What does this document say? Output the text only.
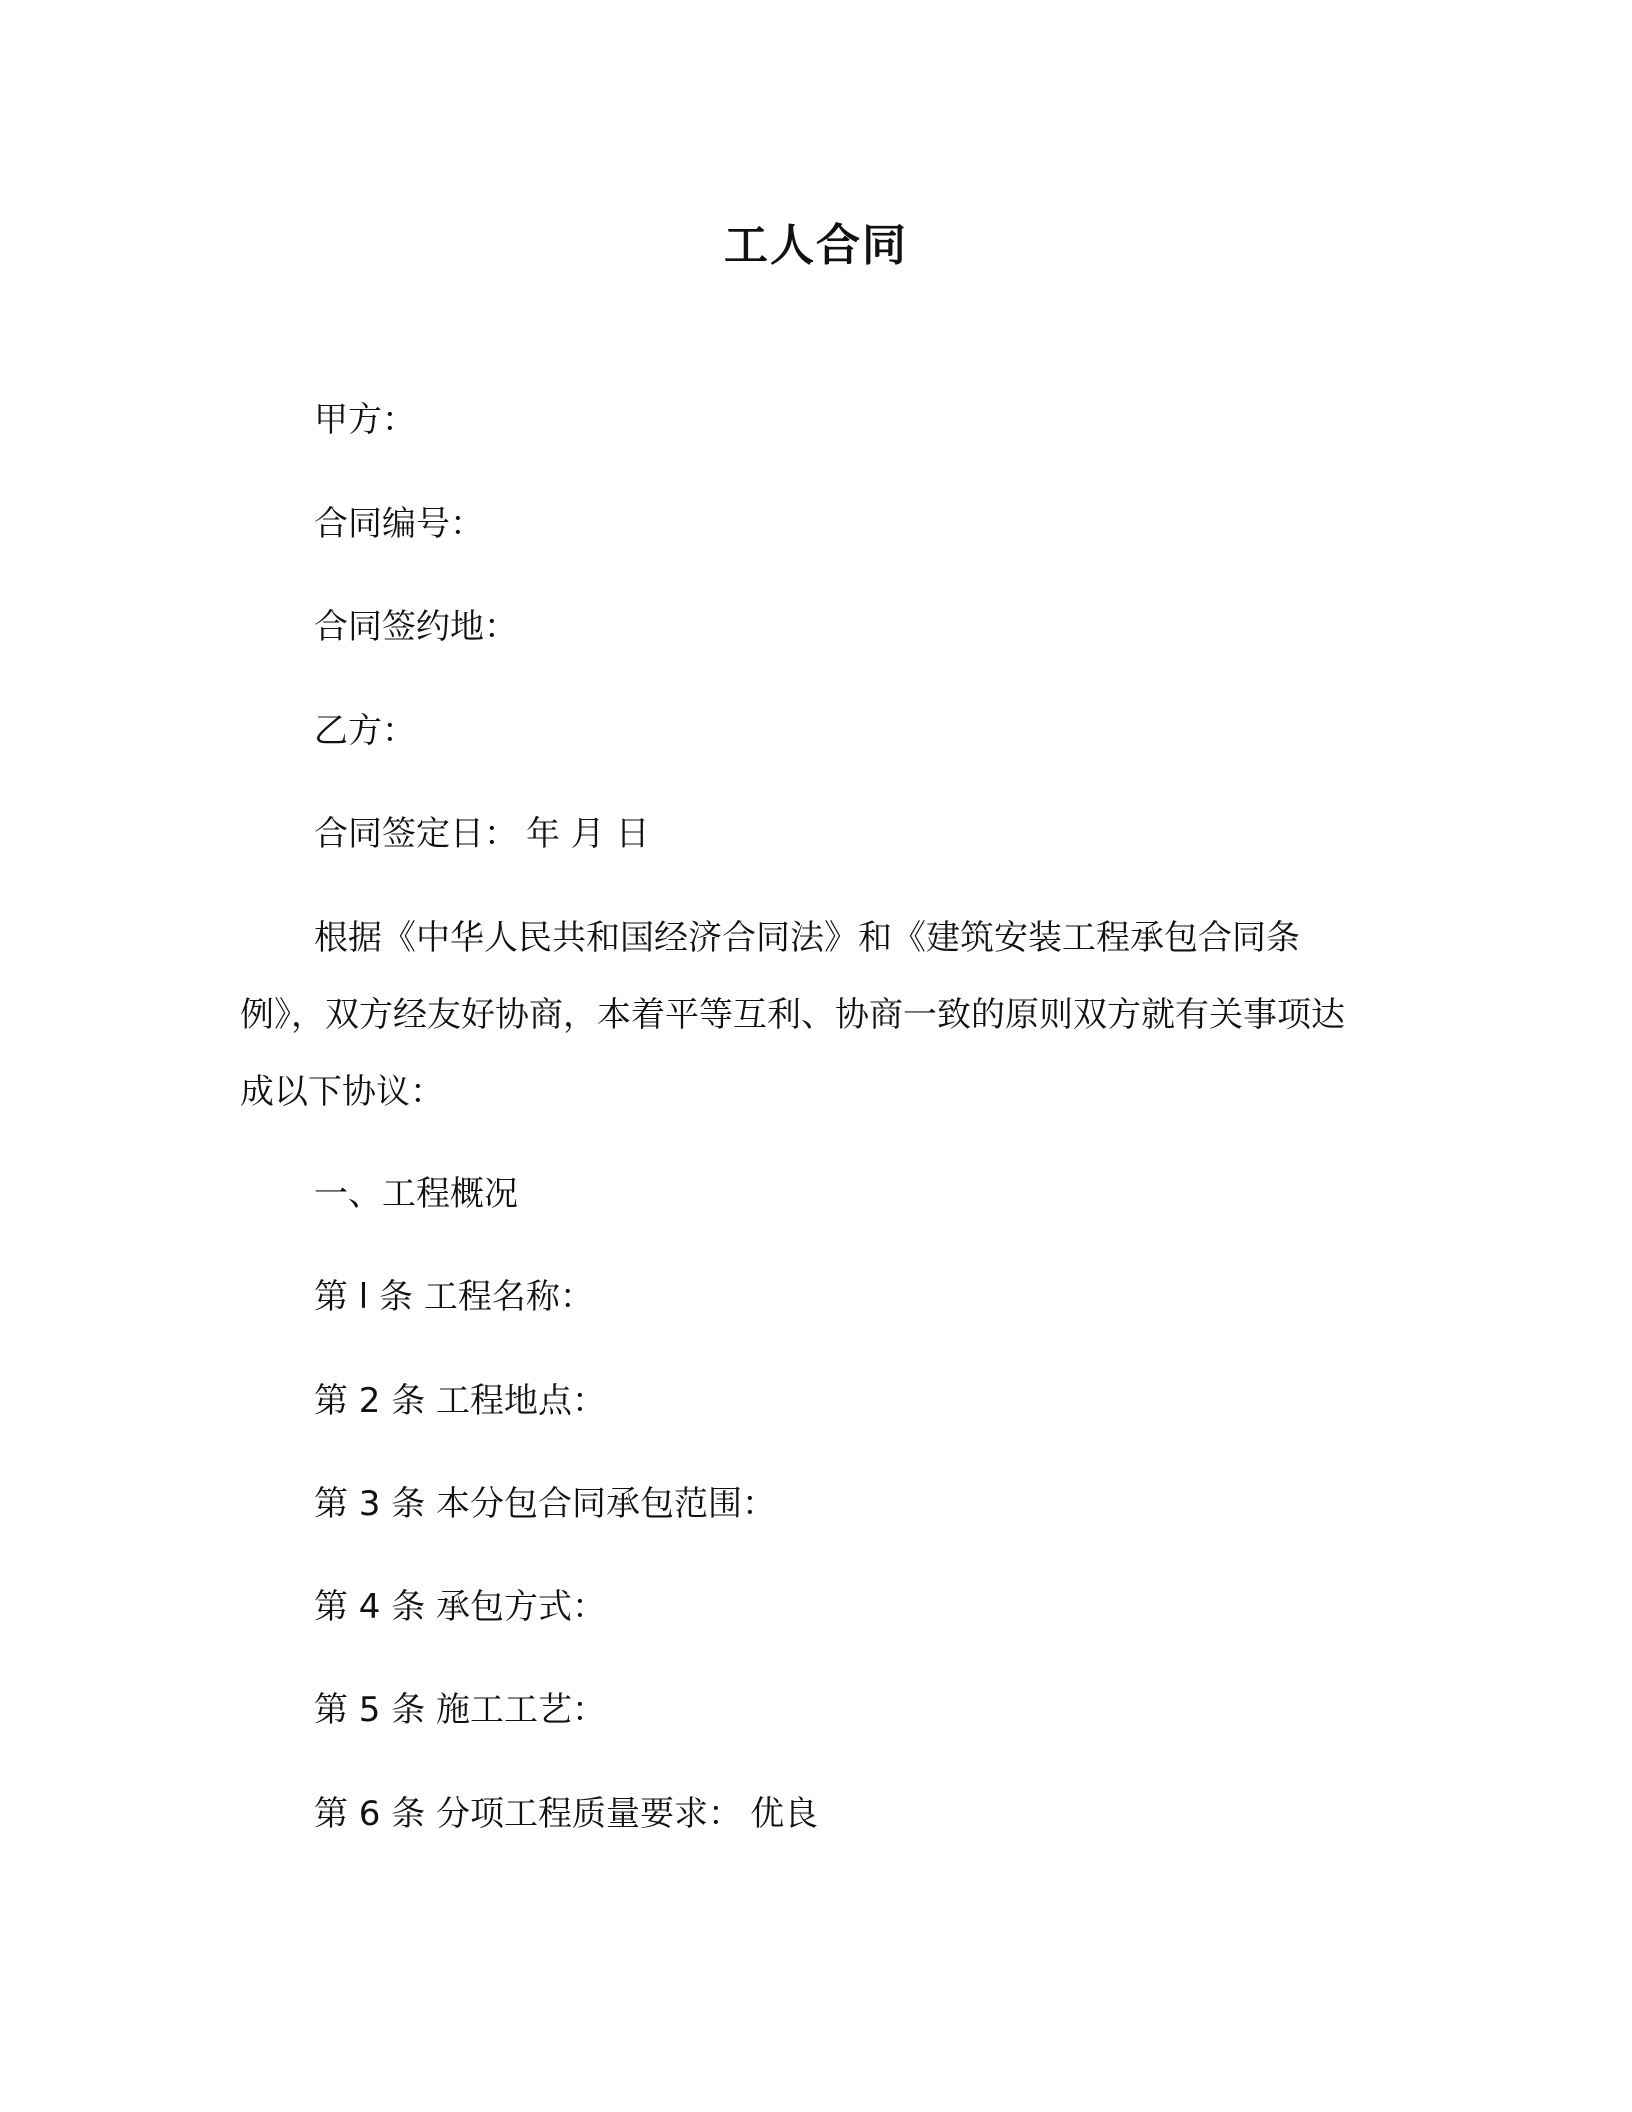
工人合同
甲方：
合同编号：
合同签约地：
乙方：
合同签定日： 年 月 日
根据《中华人民共和国经济合同法》和《建筑安装工程承包合同条例》，双方经友好协商，本着平等互利、协商一致的原则双方就有关事项达成以下协议：
一、工程概况
第 l 条 工程名称：
第 2 条 工程地点：
第 3 条 本分包合同承包范围：
第 4 条 承包方式：
第 5 条 施工工艺：
第 6 条 分项工程质量要求： 优良
